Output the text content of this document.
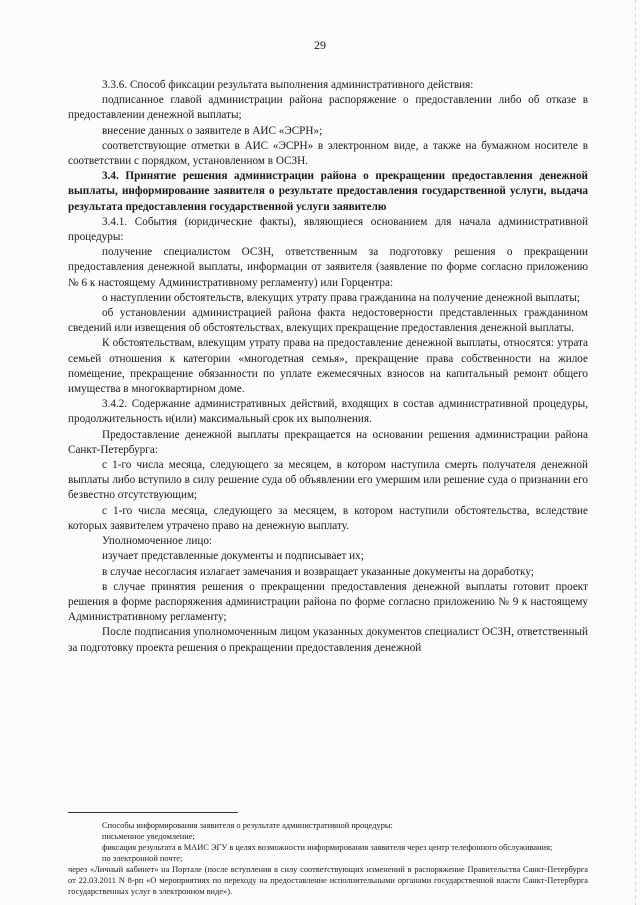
29

3.3.6. Способ фиксации результата выполнения административного действия:

подписанное главой администрации района распоряжение о предоставлении либо об отказе в предоставлении денежной выплаты;

внесение данных о заявителе в АИС «ЭСРН»;

соответствующие отметки в АИС «ЭСРН» в электронном виде, а также на бумажном носителе в соответствии с порядком, установленном в ОСЗН.

3.4. Принятие решения администрации района о прекращении предоставления денежной выплаты, информирование заявителя о результате предоставления государственной услуги, выдача результата предоставления государственной услуги заявителю

3.4.1. События (юридические факты), являющиеся основанием для начала административной процедуры:

получение специалистом ОСЗН, ответственным за подготовку решения о прекращении предоставления денежной выплаты, информации от заявителя (заявление по форме согласно приложению № 6 к настоящему Административному регламенту) или Горцентра:

о наступлении обстоятельств, влекущих утрату права гражданина на получение денежной выплаты;

об установлении администрацией района факта недостоверности представленных гражданином сведений или извещения об обстоятельствах, влекущих прекращение предоставления денежной выплаты.

К обстоятельствам, влекущим утрату права на предоставление денежной выплаты, относятся: утрата семьей отношения к категории «многодетная семья», прекращение права собственности на жилое помещение, прекращение обязанности по уплате ежемесячных взносов на капитальный ремонт общего имущества в многоквартирном доме.

3.4.2. Содержание административных действий, входящих в состав административной процедуры, продолжительность и(или) максимальный срок их выполнения.

Предоставление денежной выплаты прекращается на основании решения администрации района Санкт-Петербурга:

с 1-го числа месяца, следующего за месяцем, в котором наступила смерть получателя денежной выплаты либо вступило в силу решение суда об объявлении его умершим или решение суда о признании его безвестно отсутствующим;

с 1-го числа месяца, следующего за месяцем, в котором наступили обстоятельства, вследствие которых заявителем утрачено право на денежную выплату.

Уполномоченное лицо:

изучает представленные документы и подписывает их;

в случае несогласия излагает замечания и возвращает указанные документы на доработку;

в случае принятия решения о прекращении предоставления денежной выплаты готовит проект решения в форме распоряжения администрации района по форме согласно приложению № 9 к настоящему Административному регламенту;

После подписания уполномоченным лицом указанных документов специалист ОСЗН, ответственный за подготовку проекта решения о прекращении предоставления денежной

Способы информирования заявителя о результате административной процедуры:

письменное уведомление;

фиксация результата в МАИС ЭГУ в целях возможности информирования заявителя через центр телефонного обслуживания;

по электронной почте;

через «Личный кабинет» на Портале (после вступления в силу соответствующих изменений в распоряжение Правительства Санкт-Петербурга от 22.03.2011 N 8-рп «О мероприятиях по переходу на предоставление исполнительными органами государственной власти Санкт-Петербурга государственных услуг в электронном виде»).
